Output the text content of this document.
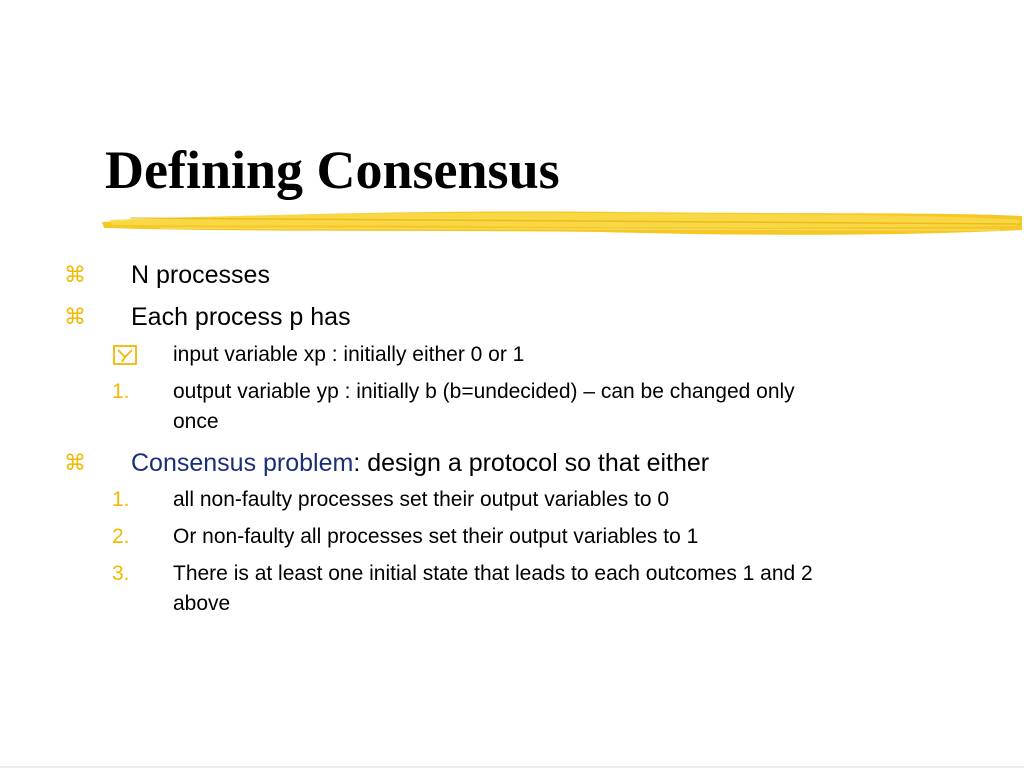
Defining Consensus
⌘ N processes
⌘ Each process p has
input variable xp : initially either 0 or 1
1. output variable yp : initially b (b=undecided) – can be changed only
once
⌘ Consensus problem: design a protocol so that either
1. all non-faulty processes set their output variables to 0
2. Or non-faulty all processes set their output variables to 1
3. There is at least one initial state that leads to each outcomes 1 and 2
above
